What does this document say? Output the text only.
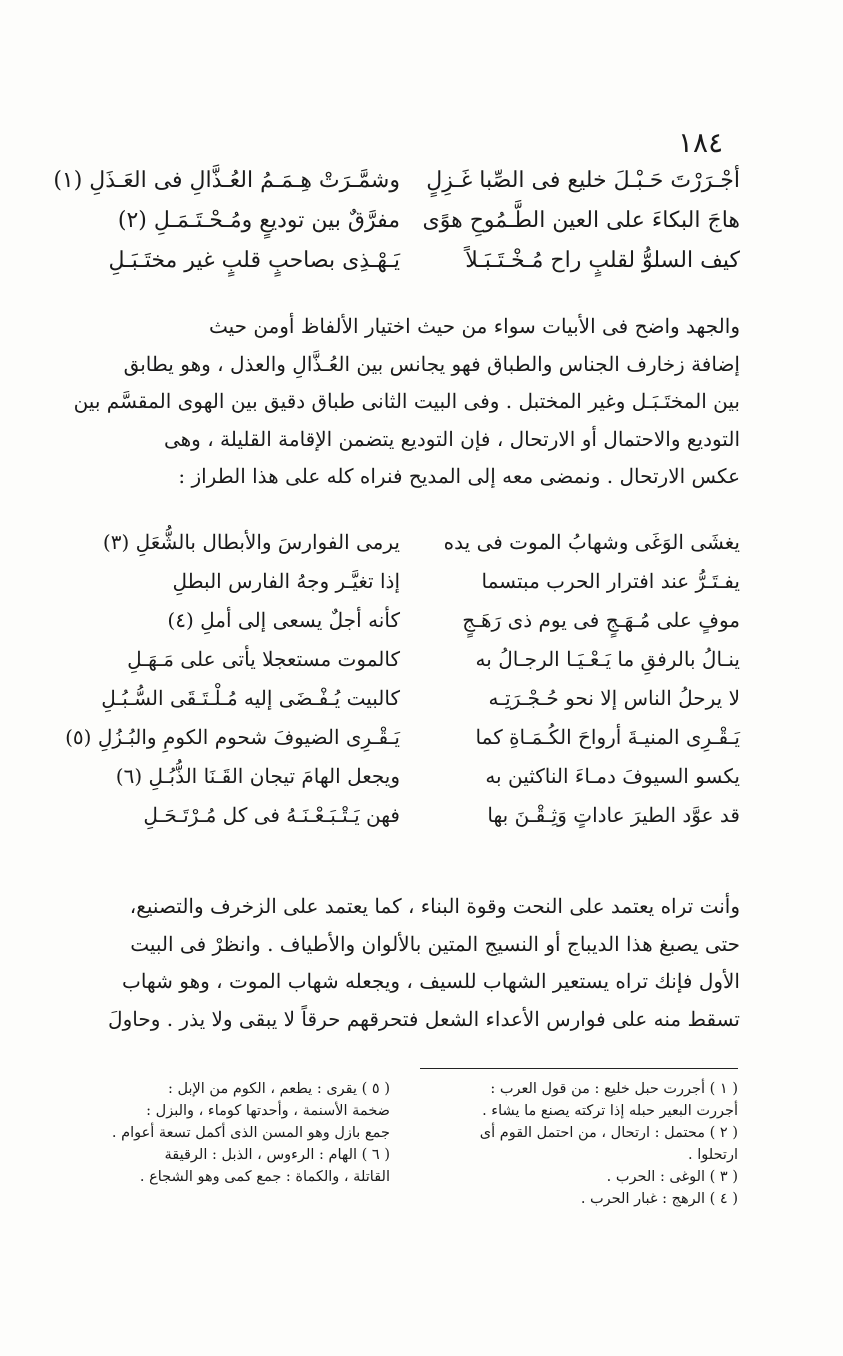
١٨٤
أجْـرَرْتَ حَـبْـلَ خليع فى الصِّبا غَـزِلٍ
وشمَّـرَتْ هِـمَـمُ العُـذَّالِ فى العَـذَلِ (١)
هاجَ البكاءَ على العين الطَّـمُوحِ هوًى
مفرَّقٌ بين توديعٍ ومُـحْـتَـمَـلِ (٢)
كيف السلوُّ لقلبٍ راح مُـخْـتَـبَـلاً
يَـهْـذِى بصاحبٍ قلبٍ غير مختَـبَـلِ

والجهد واضح فى الأبيات سواء من حيث اختيار الألفاظ أومن حيث

إضافة زخارف الجناس والطباق فهو يجانس بين العُـذَّالِ والعذل ، وهو يطابق

بين المختَـبَـل وغير المختبل . وفى البيت الثانى طباق دقيق بين الهوى المقسَّم بين

التوديع والاحتمال أو الارتحال ، فإن التوديع يتضمن الإقامة القليلة ، وهى

عكس الارتحال . ونمضى معه إلى المديح فنراه كله على هذا الطراز :

يغشَى الوَغَى وشهابُ الموت فى يده
يرمى الفوارسَ والأبطال بالشُّعَلِ (٣)
يفـتَـرُّ عند افترار الحرب مبتسما
إذا تغيَّـر وجهُ الفارس البطلِ
موفٍ على مُـهَـجٍ فى يوم ذى رَهَـجٍ
كأنه أجلٌ يسعى إلى أملِ (٤)
ينـالُ بالرفقِ ما يَـعْـيَـا الرجـالُ به
كالموت مستعجلا يأتى على مَـهَـلِ
لا يرحلُ الناس إلا نحو حُـجْـرَتِـه
كالبيت يُـفْـضَى إليه مُـلْـتَـقَى السُّـبُـلِ
يَـقْـرِى المنيـةَ أرواحَ الكُـمَـاةِ كما
يَـقْـرِى الضيوفَ شحوم الكومِ والبُـزُلِ (٥)
يكسو السيوفَ دمـاءَ الناكثين به
ويجعل الهامَ تيجان القَـنَا الذُّبُـلِ (٦)
قد عوَّد الطيرَ عاداتٍ وَثِـقْـنَ بها
فهن يَـتْـبَـعْـنَـهُ فى كل مُـرْتَـحَـلِ

وأنت تراه يعتمد على النحت وقوة البناء ، كما يعتمد على الزخرف والتصنيع،

حتى يصبغ هذا الديباج أو النسيج المتين بالألوان والأطياف . وانظرْ فى البيت

الأول فإنك تراه يستعير الشهاب للسيف ، ويجعله شهاب الموت ، وهو شهاب

تسقط منه على فوارس الأعداء الشعل فتحرقهم حرقاً لا يبقى ولا يذر . وحاولَ

( ١ ) أجررت حبل خليع : من قول العرب :
أجررت البعير حبله إذا تركته يصنع ما يشاء .
( ٢ ) محتمل : ارتحال ، من احتمل القوم أى
ارتحلوا .
( ٣ ) الوغى : الحرب .
( ٤ ) الرهج : غبار الحرب .
( ٥ ) يقرى : يطعم ، الكوم من الإبل :
ضخمة الأسنمة ، وأحدتها كوماء ، والبزل :
جمع بازل وهو المسن الذى أكمل تسعة أعوام .
( ٦ ) الهام : الرءوس ، الذبل : الرقيقة
القاتلة ، والكماة : جمع كمى وهو الشجاع .
